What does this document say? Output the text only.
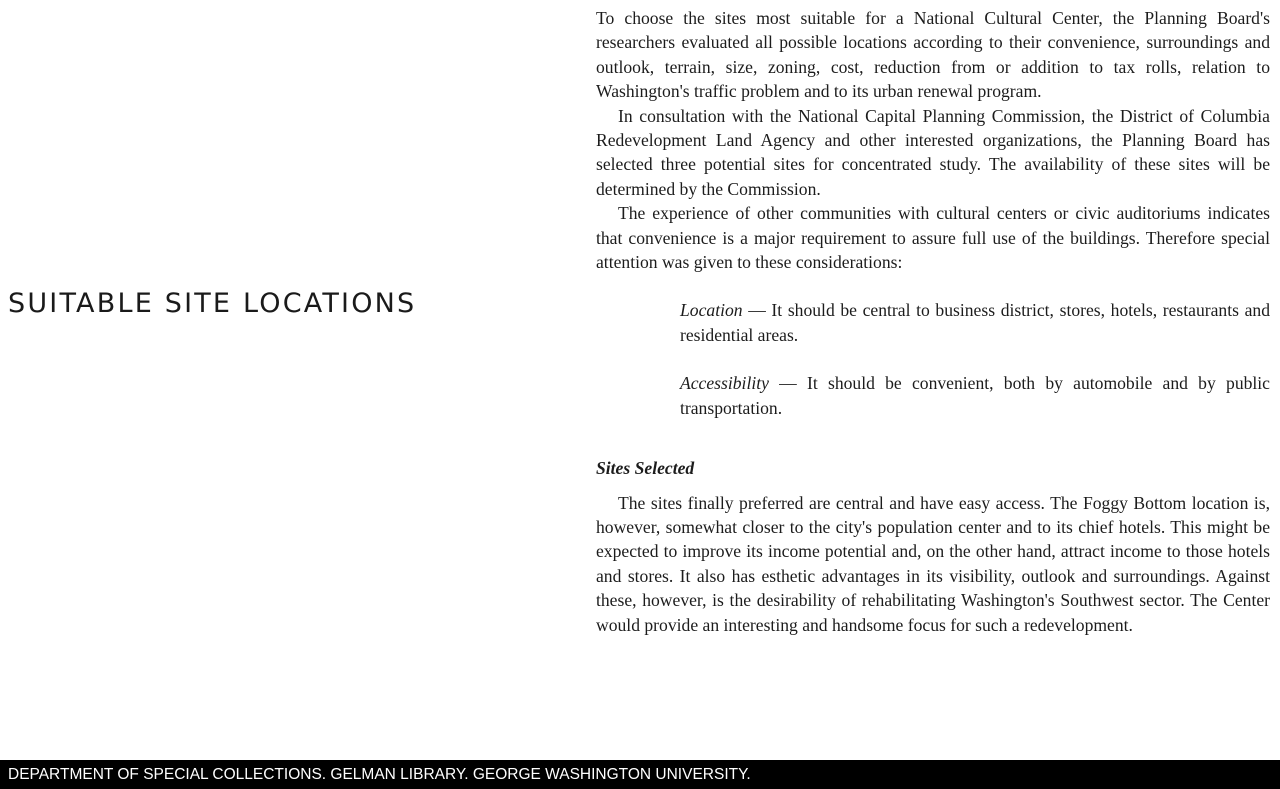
SUITABLE SITE LOCATIONS

To choose the sites most suitable for a National Cultural Center, the Planning Board's researchers evaluated all possible locations according to their convenience, surroundings and outlook, terrain, size, zoning, cost, reduction from or addition to tax rolls, relation to Washington's traffic problem and to its urban renewal program.

In consultation with the National Capital Planning Commission, the District of Columbia Redevelopment Land Agency and other interested organizations, the Planning Board has selected three potential sites for concentrated study. The availability of these sites will be determined by the Commission.

The experience of other communities with cultural centers or civic auditoriums indicates that convenience is a major requirement to assure full use of the buildings. Therefore special attention was given to these considerations:

Location — It should be central to business district, stores, hotels, restaurants and residential areas.

Accessibility — It should be convenient, both by automobile and by public transportation.

Sites Selected

The sites finally preferred are central and have easy access. The Foggy Bottom location is, however, somewhat closer to the city's population center and to its chief hotels. This might be expected to improve its income potential and, on the other hand, attract income to those hotels and stores. It also has esthetic advantages in its visibility, outlook and surroundings. Against these, however, is the desirability of rehabilitating Washington's Southwest sector. The Center would provide an interesting and handsome focus for such a redevelopment.

DEPARTMENT OF SPECIAL COLLECTIONS. GELMAN LIBRARY. GEORGE WASHINGTON UNIVERSITY.
